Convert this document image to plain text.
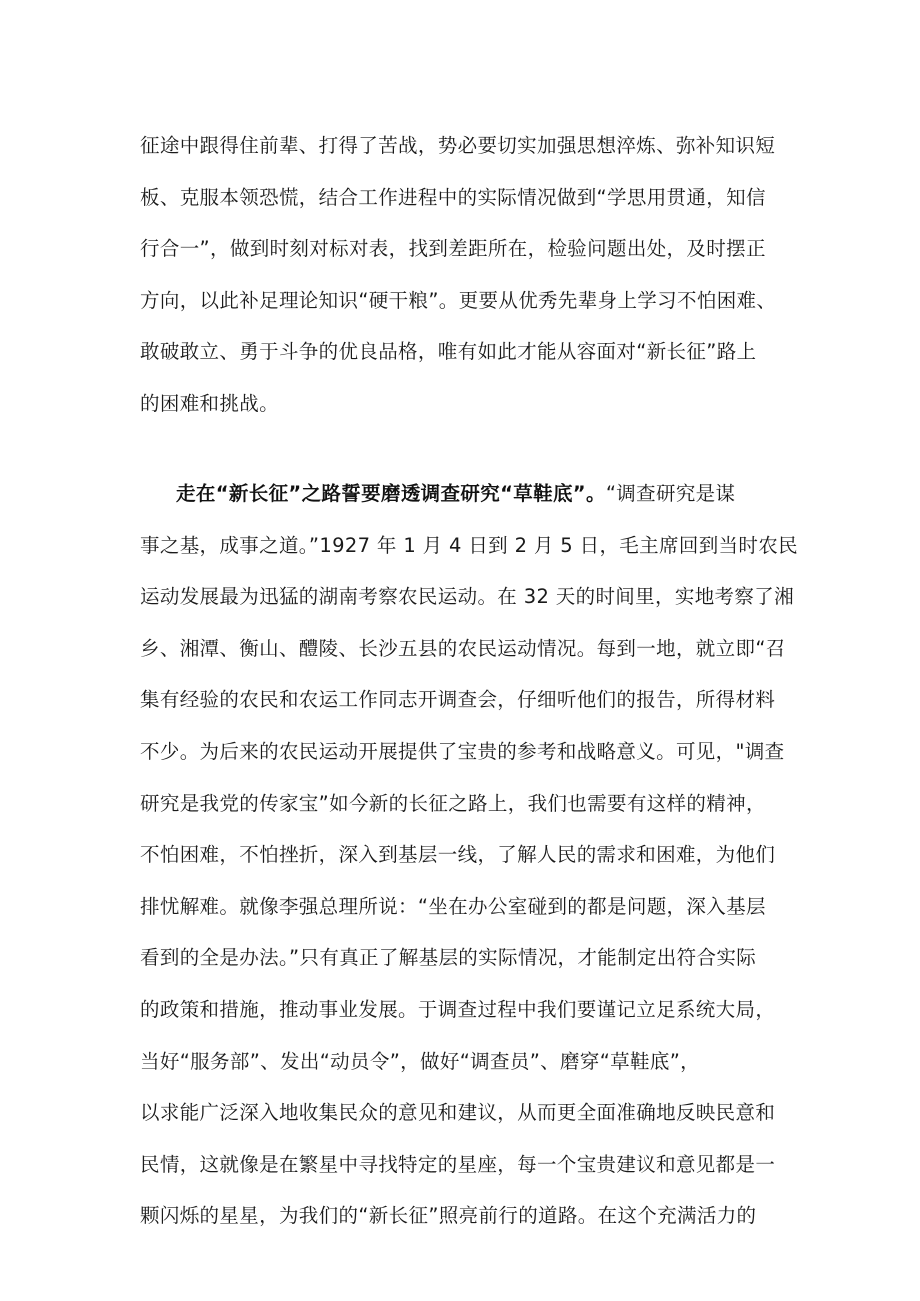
征途中跟得住前辈、打得了苦战，势必要切实加强思想淬炼、弥补知识短
板、克服本领恐慌，结合工作进程中的实际情况做到“学思用贯通，知信
行合一”，做到时刻对标对表，找到差距所在，检验问题出处，及时摆正
方向，以此补足理论知识“硬干粮”。更要从优秀先辈身上学习不怕困难、
敢破敢立、勇于斗争的优良品格，唯有如此才能从容面对“新长征”路上
的困难和挑战。
走在“新长征”之路誓要磨透调查研究“草鞋底”。“调查研究是谋
事之基，成事之道。”1927 年 1 月 4 日到 2 月 5 日，毛主席回到当时农民
运动发展最为迅猛的湖南考察农民运动。在 32 天的时间里，实地考察了湘
乡、湘潭、衡山、醴陵、长沙五县的农民运动情况。每到一地，就立即“召
集有经验的农民和农运工作同志开调查会，仔细听他们的报告，所得材料
不少。为后来的农民运动开展提供了宝贵的参考和战略意义。可见，"调查
研究是我党的传家宝”如今新的长征之路上，我们也需要有这样的精神，
不怕困难，不怕挫折，深入到基层一线，了解人民的需求和困难，为他们
排忧解难。就像李强总理所说：“坐在办公室碰到的都是问题，深入基层
看到的全是办法。”只有真正了解基层的实际情况，才能制定出符合实际
的政策和措施，推动事业发展。于调查过程中我们要谨记立足系统大局，
当好“服务部”、发出“动员令”，做好“调查员”、磨穿“草鞋底”，
以求能广泛深入地收集民众的意见和建议，从而更全面准确地反映民意和
民情，这就像是在繁星中寻找特定的星座，每一个宝贵建议和意见都是一
颗闪烁的星星，为我们的“新长征”照亮前行的道路。在这个充满活力的
